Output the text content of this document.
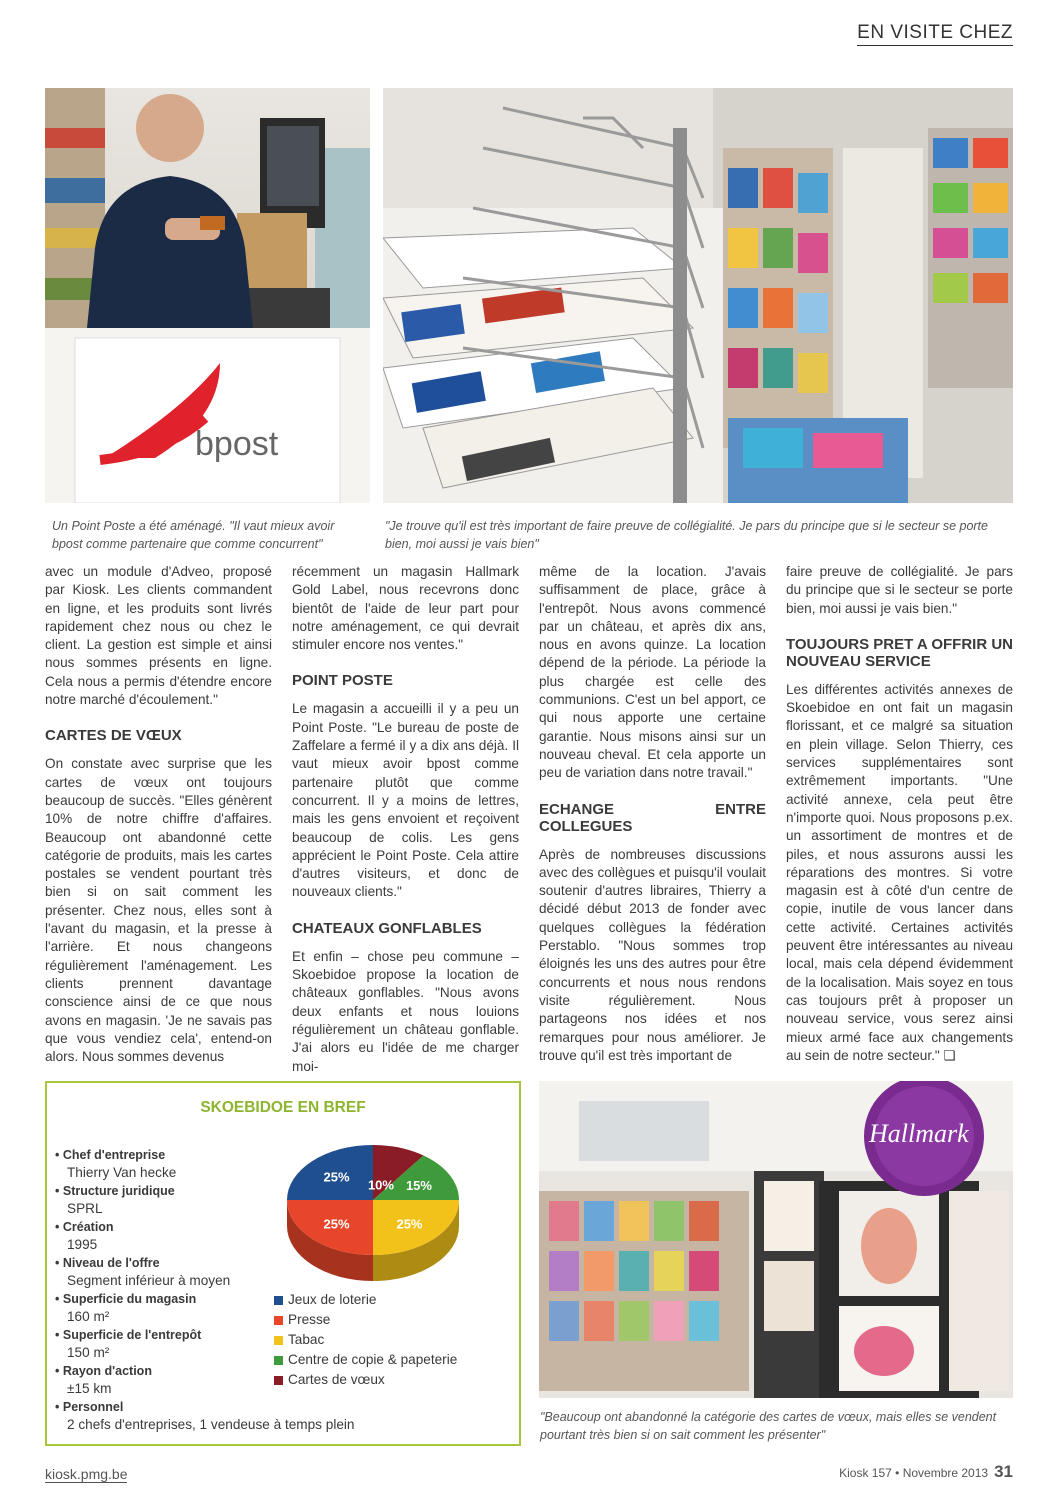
EN VISITE CHEZ
bpost
Un Point Poste a été aménagé. "Il vaut mieux avoir bpost comme partenaire que comme concurrent"
"Je trouve qu'il est très important de faire preuve de collégialité. Je pars du principe que si le secteur se porte bien, moi aussi je vais bien"

avec un module d'Adveo, proposé par Kiosk. Les clients commandent en ligne, et les produits sont livrés rapidement chez nous ou chez le client. La gestion est simple et ainsi nous sommes présents en ligne. Cela nous a permis d'étendre encore notre marché d'écoulement."

CARTES DE VŒUX

On constate avec surprise que les cartes de vœux ont toujours beaucoup de succès. "Elles génèrent 10% de notre chiffre d'affaires. Beaucoup ont abandonné cette catégorie de produits, mais les cartes postales se vendent pourtant très bien si on sait comment les présenter. Chez nous, elles sont à l'avant du magasin, et la presse à l'arrière. Et nous changeons régulièrement l'aménagement. Les clients prennent davantage conscience ainsi de ce que nous avons en magasin. 'Je ne savais pas que vous vendiez cela', entend-on alors. Nous sommes devenus

récemment un magasin Hallmark Gold Label, nous recevrons donc bientôt de l'aide de leur part pour notre aménagement, ce qui devrait stimuler encore nos ventes."

POINT POSTE

Le magasin a accueilli il y a peu un Point Poste. "Le bureau de poste de Zaffelare a fermé il y a dix ans déjà. Il vaut mieux avoir bpost comme partenaire plutôt que comme concurrent. Il y a moins de lettres, mais les gens envoient et reçoivent beaucoup de colis. Les gens apprécient le Point Poste. Cela attire d'autres visiteurs, et donc de nouveaux clients."

CHATEAUX GONFLABLES

Et enfin – chose peu commune – Skoebidoe propose la location de châteaux gonflables. "Nous avons deux enfants et nous louions régulièrement un château gonflable. J'ai alors eu l'idée de me charger moi-

même de la location. J'avais suffisamment de place, grâce à l'entrepôt. Nous avons commencé par un château, et après dix ans, nous en avons quinze. La location dépend de la période. La période la plus chargée est celle des communions. C'est un bel apport, ce qui nous apporte une certaine garantie. Nous misons ainsi sur un nouveau cheval. Et cela apporte un peu de variation dans notre travail."

ECHANGE ENTRE COLLEGUES

Après de nombreuses discussions avec des collègues et puisqu'il voulait soutenir d'autres libraires, Thierry a décidé début 2013 de fonder avec quelques collègues la fédération Perstablo. "Nous sommes trop éloignés les uns des autres pour être concurrents et nous nous rendons visite régulièrement. Nous partageons nos idées et nos remarques pour nous améliorer. Je trouve qu'il est très important de

faire preuve de collégialité. Je pars du principe que si le secteur se porte bien, moi aussi je vais bien."

TOUJOURS PRET A OFFRIR UN NOUVEAU SERVICE

Les différentes activités annexes de Skoebidoe en ont fait un magasin florissant, et ce malgré sa situation en plein village. Selon Thierry, ces services supplémentaires sont extrêmement importants. "Une activité annexe, cela peut être n'importe quoi. Nous proposons p.ex. un assortiment de montres et de piles, et nous assurons aussi les réparations des montres. Si votre magasin est à côté d'un centre de copie, inutile de vous lancer dans cette activité. Certaines activités peuvent être intéressantes au niveau local, mais cela dépend évidemment de la localisation. Mais soyez en tous cas toujours prêt à proposer un nouveau service, vous serez ainsi mieux armé face aux changements au sein de notre secteur." ❏

SKOEBIDOE EN BREF
• Chef d'entreprise
Thierry Van hecke
• Structure juridique
SPRL
• Création
1995
• Niveau de l'offre
Segment inférieur à moyen
• Superficie du magasin
160 m²
• Superficie de l'entrepôt
150 m²
• Rayon d'action
±15 km
• Personnel
2 chefs d'entreprises, 1 vendeuse à temps plein
10% 15%
25%
25%
25%
Jeux de loterie
Presse
Tabac
Centre de copie & papeterie
Cartes de vœux
Hallmark
"Beaucoup ont abandonné la catégorie des cartes de vœux, mais elles se vendent pourtant très bien si on sait comment les présenter"
kiosk.pmg.be	Kiosk 157 • Novembre 2013 31
